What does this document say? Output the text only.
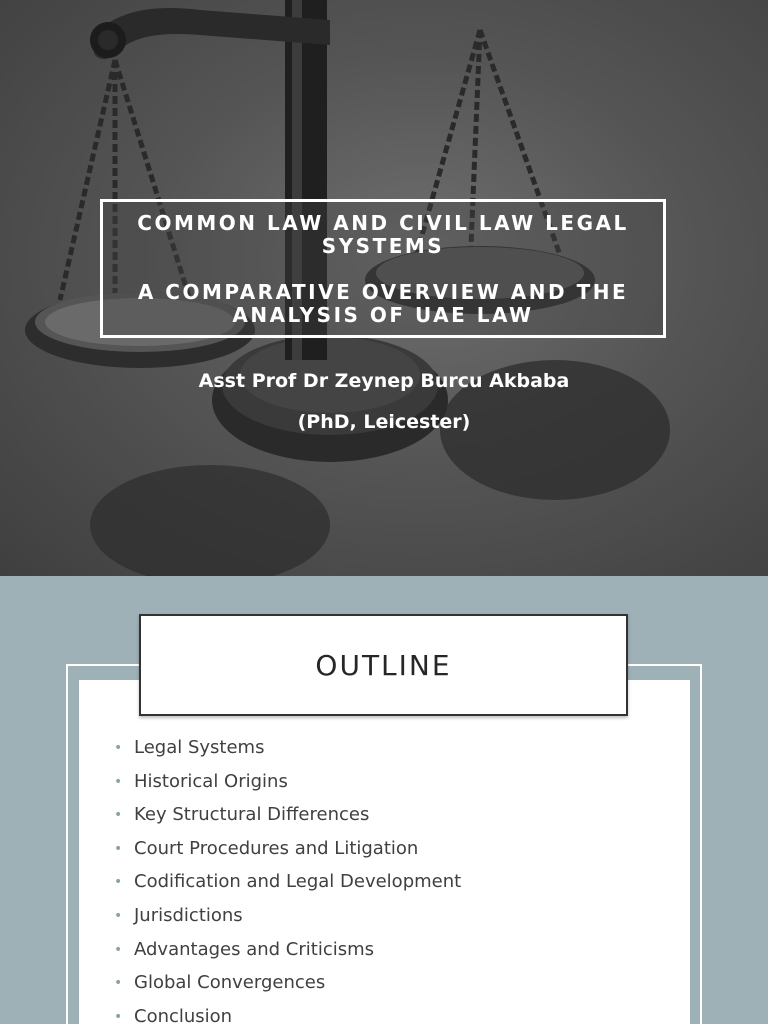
COMMON LAW AND CIVIL LAW LEGAL SYSTEMS
A COMPARATIVE OVERVIEW AND THE ANALYSIS OF UAE LAW
Asst Prof Dr Zeynep Burcu Akbaba
(PhD, Leicester)
OUTLINE
• Legal Systems
• Historical Origins
• Key Structural Differences
• Court Procedures and Litigation
• Codification and Legal Development
• Jurisdictions
• Advantages and Criticisms
• Global Convergences
• Conclusion
